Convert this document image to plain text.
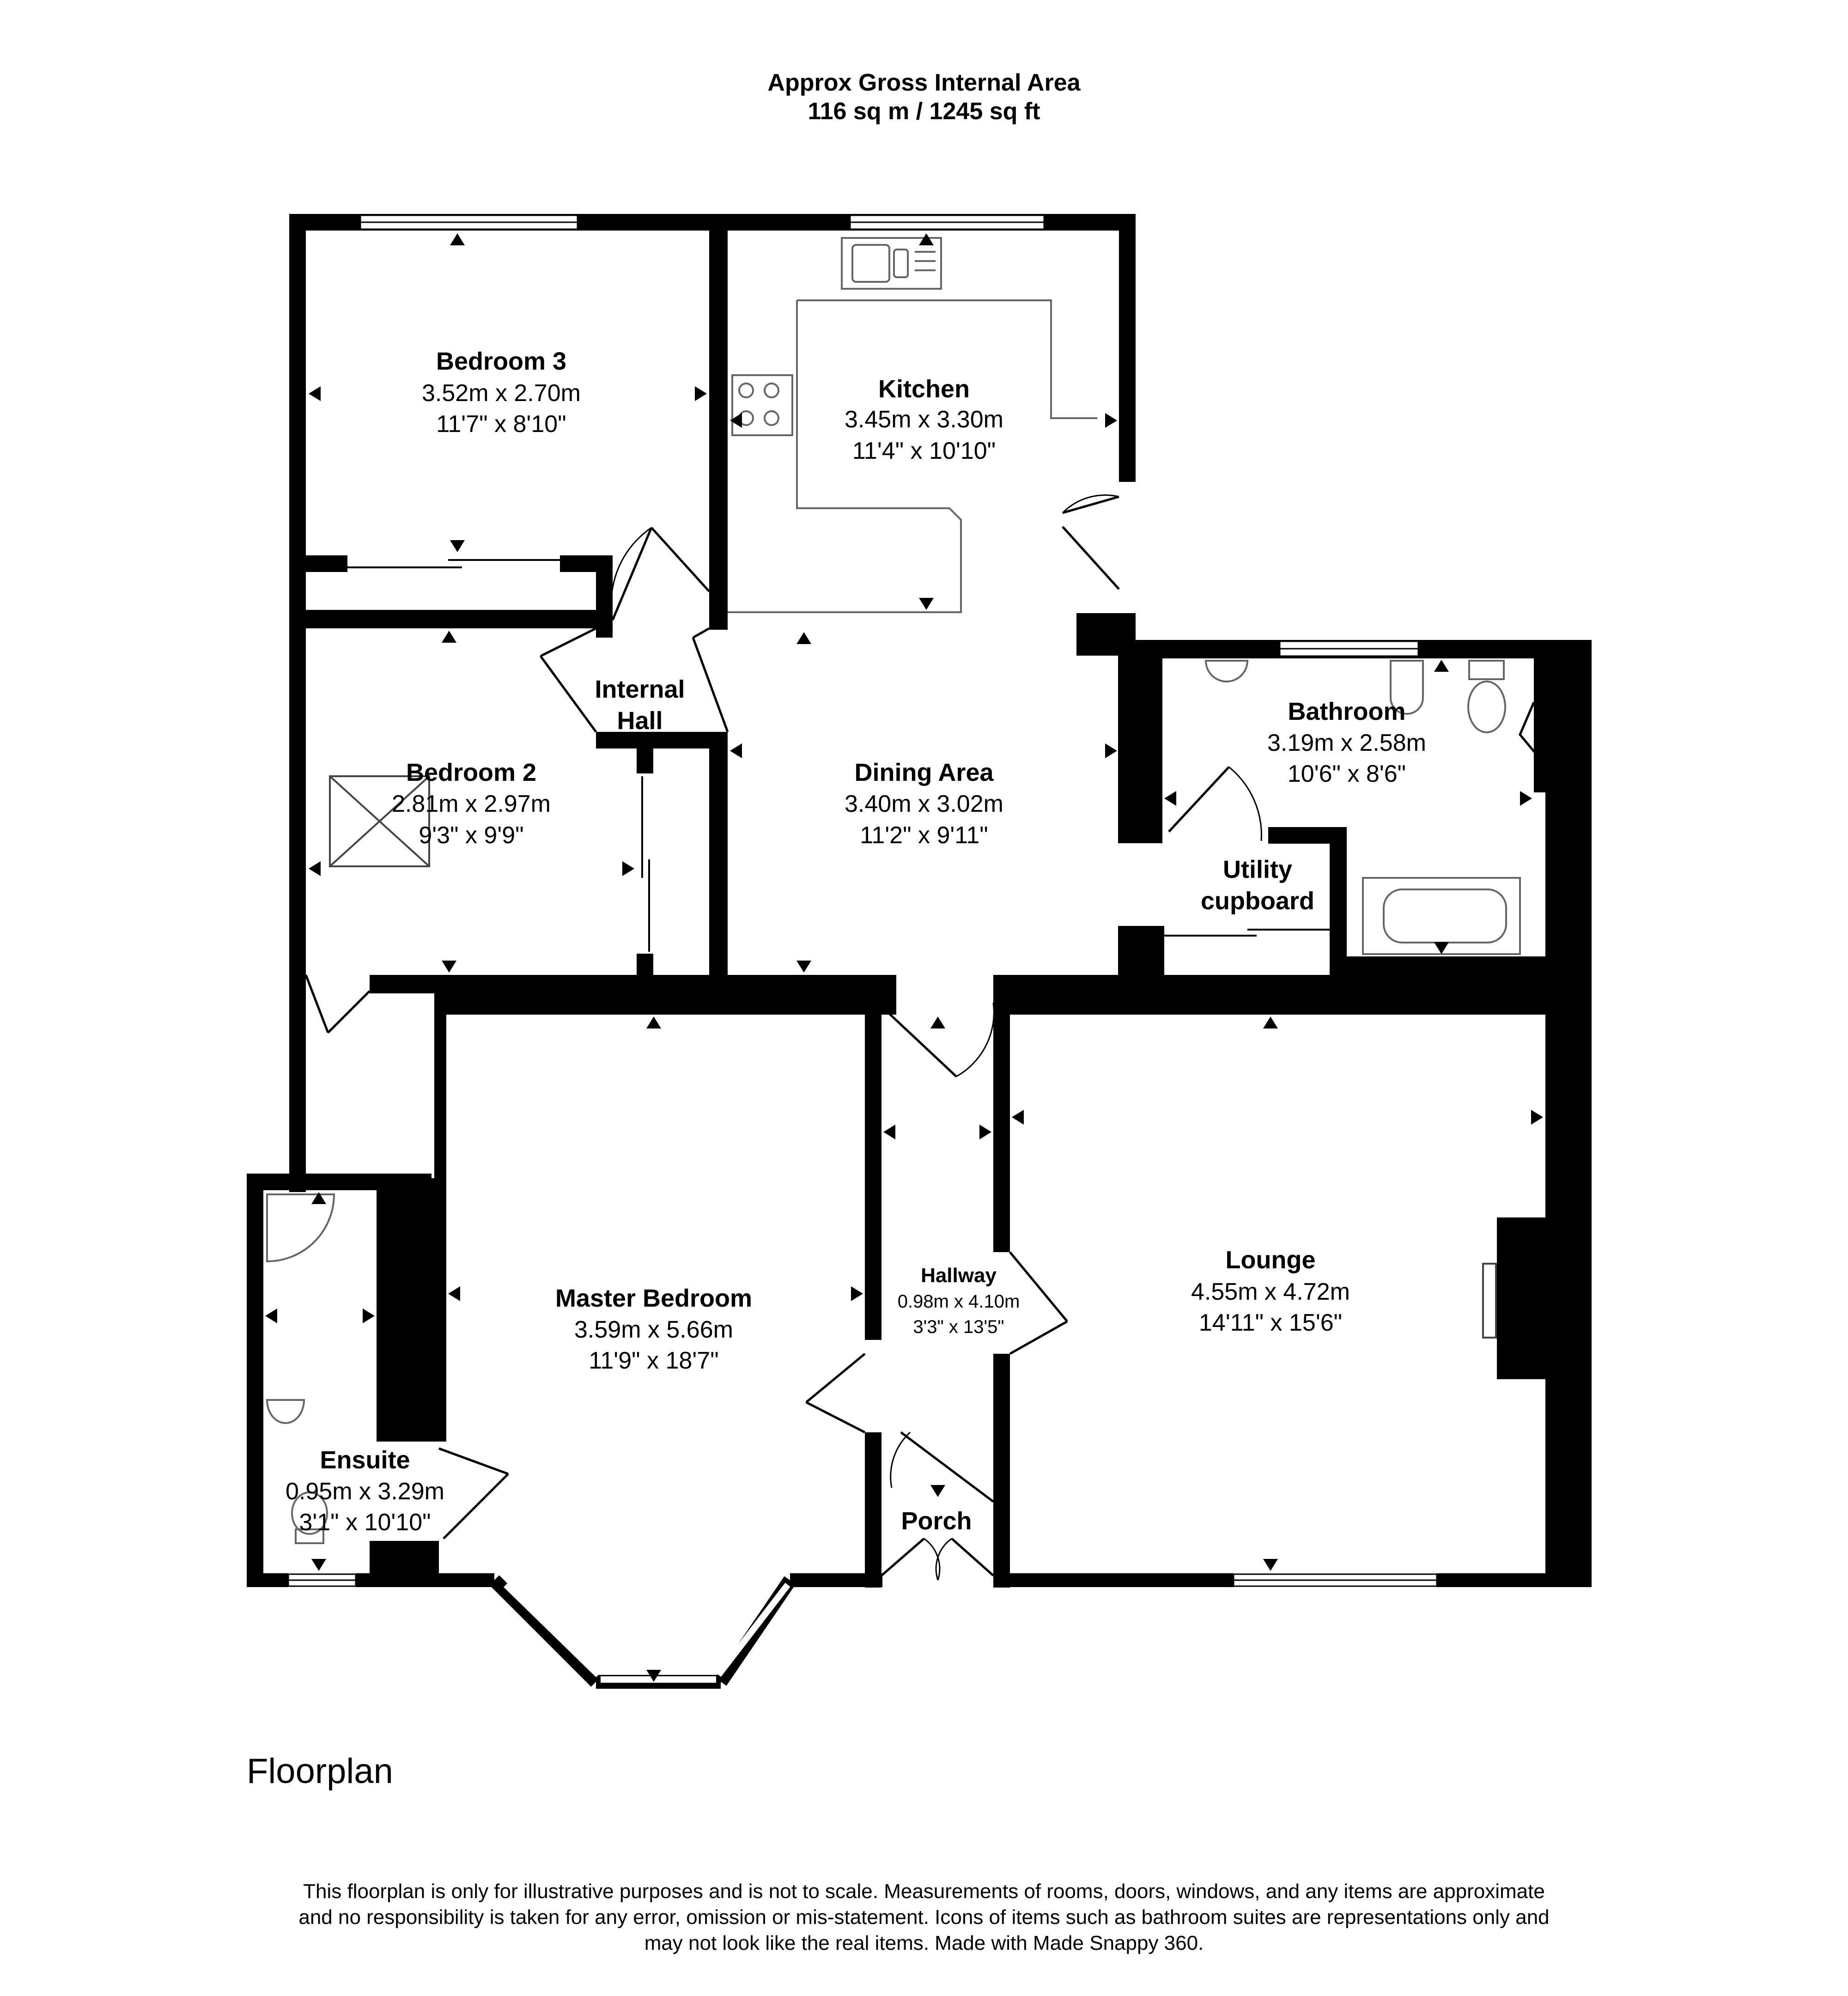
Approx Gross Internal Area
116 sq m / 1245 sq ft
Bedroom 3
3.52m x 2.70m
11'7" x 8'10"
Kitchen
3.45m x 3.30m
11'4" x 10'10"
Internal
Hall
Bedroom 2
2.81m x 2.97m
9'3" x 9'9"
Dining Area
3.40m x 3.02m
11'2" x 9'11"
Bathroom
3.19m x 2.58m
10'6" x 8'6"
Utility
cupboard
Master Bedroom
3.59m x 5.66m
11'9" x 18'7"
Hallway
0.98m x 4.10m
3'3" x 13'5"
Lounge
4.55m x 4.72m
14'11" x 15'6"
Ensuite
0.95m x 3.29m
3'1" x 10'10"	Porch
Floorplan
This floorplan is only for illustrative purposes and is not to scale. Measurements of rooms, doors, windows, and any items are approximate
and no responsibility is taken for any error, omission or mis-statement. Icons of items such as bathroom suites are representations only and
may not look like the real items. Made with Made Snappy 360.
